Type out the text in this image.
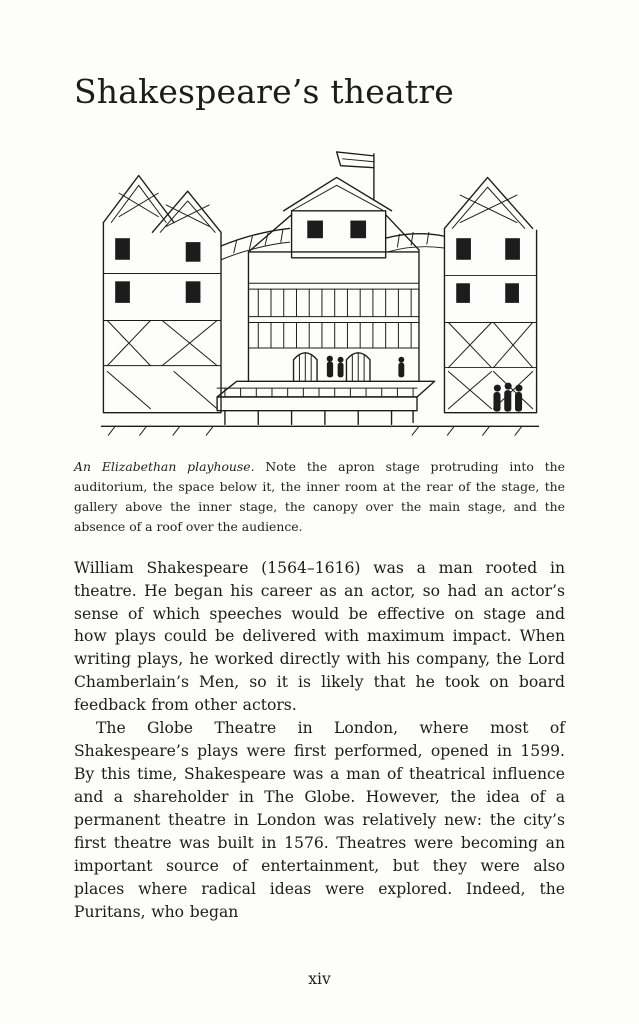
Shakespeare’s theatre
An Elizabethan playhouse. Note the apron stage protruding into the auditorium, the space below it, the inner room at the rear of the stage, the gallery above the inner stage, the canopy over the main stage, and the absence of a roof over the audience.

William Shakespeare (1564–1616) was a man rooted in theatre. He began his career as an actor, so had an actor’s sense of which speeches would be effective on stage and how plays could be delivered with maximum impact. When writing plays, he worked directly with his company, the Lord Chamberlain’s Men, so it is likely that he took on board feedback from other actors.

The Globe Theatre in London, where most of Shakespeare’s plays were first performed, opened in 1599. By this time, Shakespeare was a man of theatrical influence and a shareholder in The Globe. However, the idea of a permanent theatre in London was relatively new: the city’s first theatre was built in 1576. Theatres were becoming an important source of entertainment, but they were also places where radical ideas were explored. Indeed, the Puritans, who began

xiv
